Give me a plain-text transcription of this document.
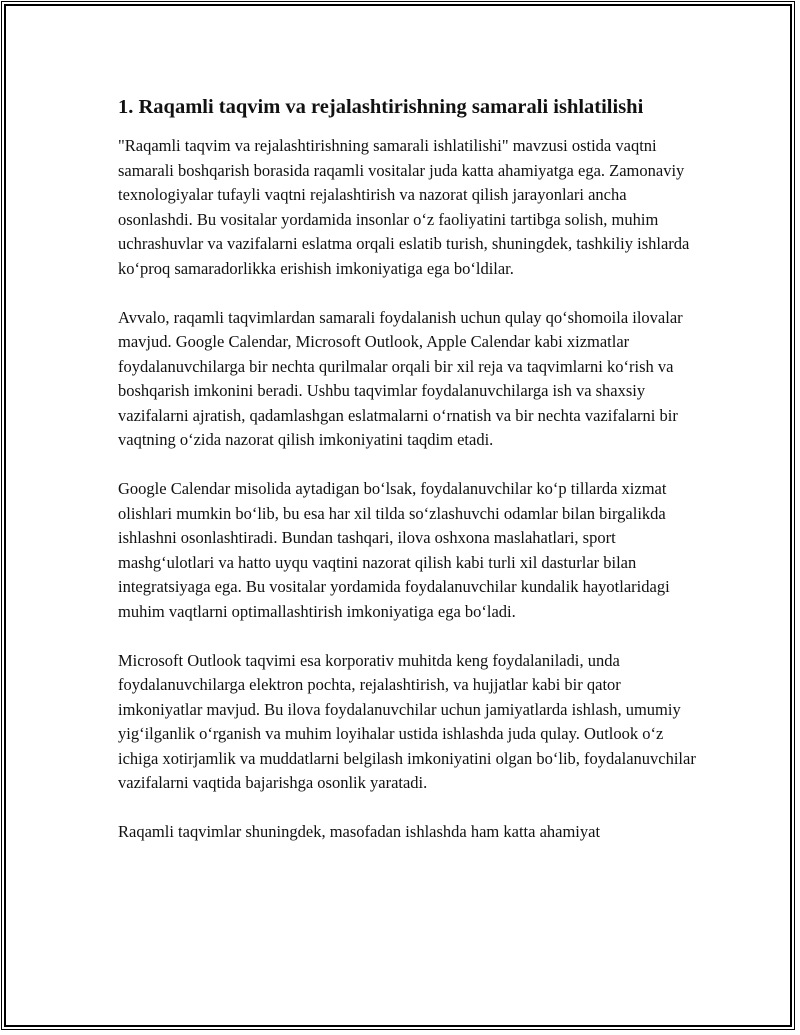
1. Raqamli taqvim va rejalashtirishning samarali ishlatilishi

"Raqamli taqvim va rejalashtirishning samarali ishlatilishi" mavzusi ostida vaqtni samarali boshqarish borasida raqamli vositalar juda katta ahamiyatga ega. Zamonaviy texnologiyalar tufayli vaqtni rejalashtirish va nazorat qilish jarayonlari ancha osonlashdi. Bu vositalar yordamida insonlar oʻz faoliyatini tartibga solish, muhim uchrashuvlar va vazifalarni eslatma orqali eslatib turish, shuningdek, tashkiliy ishlarda koʻproq samaradorlikka erishish imkoniyatiga ega boʻldilar.

Avvalo, raqamli taqvimlardan samarali foydalanish uchun qulay qoʻshomoila ilovalar mavjud. Google Calendar, Microsoft Outlook, Apple Calendar kabi xizmatlar foydalanuvchilarga bir nechta qurilmalar orqali bir xil reja va taqvimlarni koʻrish va boshqarish imkonini beradi. Ushbu taqvimlar foydalanuvchilarga ish va shaxsiy vazifalarni ajratish, qadamlashgan eslatmalarni oʻrnatish va bir nechta vazifalarni bir vaqtning oʻzida nazorat qilish imkoniyatini taqdim etadi.

Google Calendar misolida aytadigan boʻlsak, foydalanuvchilar koʻp tillarda xizmat olishlari mumkin boʻlib, bu esa har xil tilda soʻzlashuvchi odamlar bilan birgalikda ishlashni osonlashtiradi. Bundan tashqari, ilova oshxona maslahatlari, sport mashgʻulotlari va hatto uyqu vaqtini nazorat qilish kabi turli xil dasturlar bilan integratsiyaga ega. Bu vositalar yordamida foydalanuvchilar kundalik hayotlaridagi muhim vaqtlarni optimallashtirish imkoniyatiga ega boʻladi.

Microsoft Outlook taqvimi esa korporativ muhitda keng foydalaniladi, unda foydalanuvchilarga elektron pochta, rejalashtirish, va hujjatlar kabi bir qator imkoniyatlar mavjud. Bu ilova foydalanuvchilar uchun jamiyatlarda ishlash, umumiy yigʻilganlik oʻrganish va muhim loyihalar ustida ishlashda juda qulay. Outlook oʻz ichiga xotirjamlik va muddatlarni belgilash imkoniyatini olgan boʻlib, foydalanuvchilar vazifalarni vaqtida bajarishga osonlik yaratadi.

Raqamli taqvimlar shuningdek, masofadan ishlashda ham katta ahamiyat
